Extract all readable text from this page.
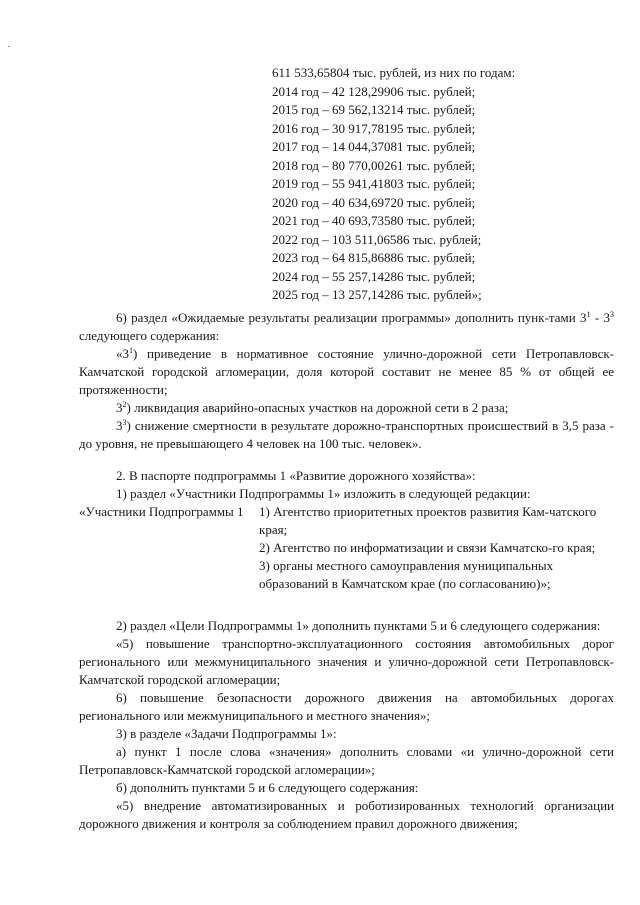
611 533,65804 тыс. рублей, из них по годам:
2014 год – 42 128,29906 тыс. рублей;
2015 год – 69 562,13214 тыс. рублей;
2016 год – 30 917,78195 тыс. рублей;
2017 год – 14 044,37081 тыс. рублей;
2018 год – 80 770,00261 тыс. рублей;
2019 год – 55 941,41803 тыс. рублей;
2020 год – 40 634,69720 тыс. рублей;
2021 год – 40 693,73580 тыс. рублей;
2022 год – 103 511,06586 тыс. рублей;
2023 год – 64 815,86886 тыс. рублей;
2024 год – 55 257,14286 тыс. рублей;
2025 год – 13 257,14286 тыс. рублей»;

6) раздел «Ожидаемые результаты реализации программы» дополнить пунк-тами $3^1 - 3^3$ следующего содержания:

«$3^1$) приведение в нормативное состояние улично-дорожной сети Петропавловск-Камчатской городской агломерации, доля которой составит не менее 85 % от общей ее протяженности;

$3^2$) ликвидация аварийно-опасных участков на дорожной сети в 2 раза;

$3^3$) снижение смертности в результате дорожно-транспортных происшествий в 3,5 раза - до уровня, не превышающего 4 человек на 100 тыс. человек».

2. В паспорте подпрограммы 1 «Развитие дорожного хозяйства»:

1) раздел «Участники Подпрограммы 1» изложить в следующей редакции:

«Участники Подпрограммы 1	1) Агентство приоритетных проектов развития Кам-чатского края;
2) Агентство по информатизации и связи Камчатско-го края;
3) органы местного самоуправления муниципальных образований в Камчатском крае (по согласованию)»;

2) раздел «Цели Подпрограммы 1» дополнить пунктами 5 и 6 следующего содержания:

«5) повышение транспортно-эксплуатационного состояния автомобильных дорог регионального или межмуниципального значения и улично-дорожной сети Петропавловск-Камчатской городской агломерации;

6) повышение безопасности дорожного движения на автомобильных дорогах регионального или межмуниципального и местного значения»;

3) в разделе «Задачи Подпрограммы 1»:

а) пункт 1 после слова «значения» дополнить словами «и улично-дорожной сети Петропавловск-Камчатской городской агломерации»;

б) дополнить пунктами 5 и 6 следующего содержания:

«5) внедрение автоматизированных и роботизированных технологий организации дорожного движения и контроля за соблюдением правил дорожного движения;
